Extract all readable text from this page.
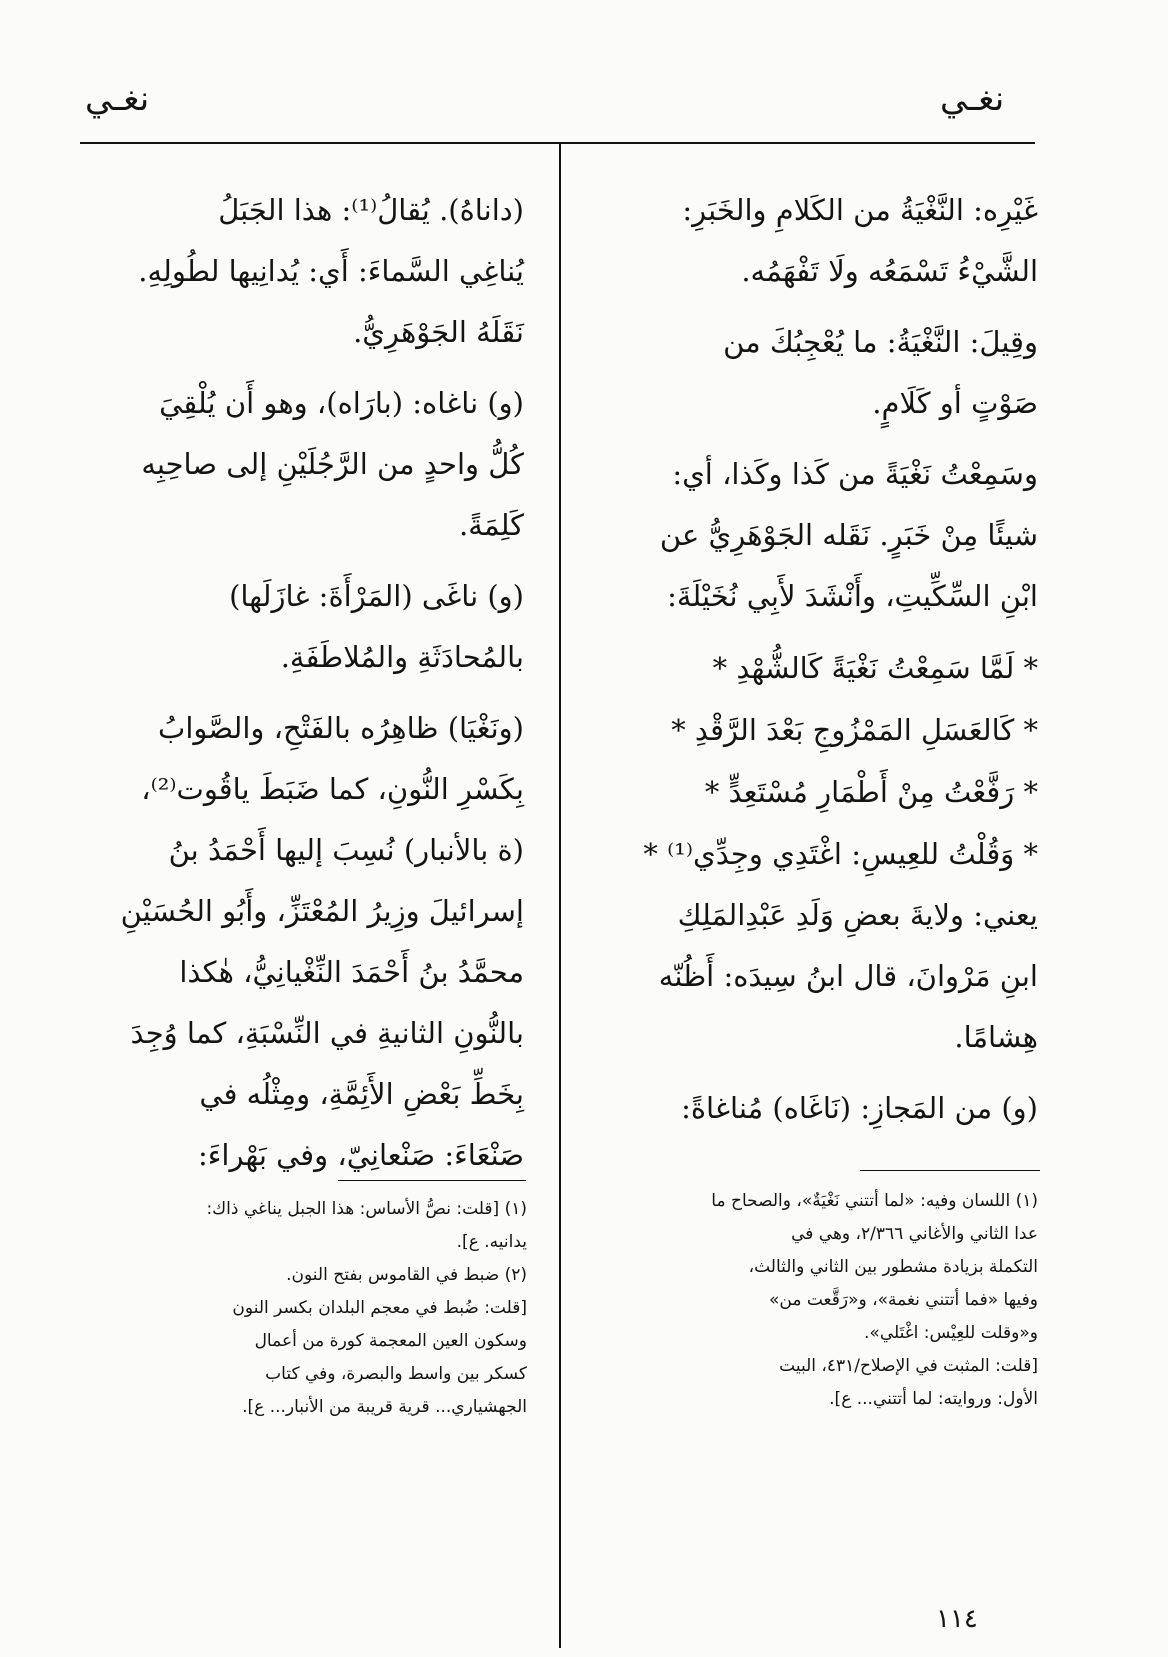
نغـي
نغـي

غَيْرِه: النَّغْيَةُ من الكَلامِ والخَبَرِ:
الشَّيْءُ تَسْمَعُه ولَا تَفْهَمُه.

وقِيلَ: النَّغْيَةُ: ما يُعْجِبُكَ من
صَوْتٍ أو كَلَامٍ.

وسَمِعْتُ نَغْيَةً من كَذا وكَذا، أي:
شيئًا مِنْ خَبَرٍ. نَقَله الجَوْهَرِيُّ عن
ابْنِ السِّكِّيتِ، وأَنْشَدَ لأَبِي نُخَيْلَةَ:

* لَمَّا سَمِعْتُ نَغْيَةً كَالشُّهْدِ *

* كَالعَسَلِ المَمْزُوجِ بَعْدَ الرَّقْدِ *

* رَفَّعْتُ مِنْ أَطْمَارِ مُسْتَعِدٍّ *

* وَقُلْتُ للعِيسِ: اغْتَدِي وجِدِّي⁽¹⁾ *

يعني: ولايةَ بعضِ وَلَدِ عَبْدِالمَلِكِ
ابنِ مَرْوانَ، قال ابنُ سِيدَه: أَظُنّه
هِشامًا.

(و) من المَجازِ: (نَاغَاه) مُناغاةً:

(داناهُ). يُقالُ⁽¹⁾: هذا الجَبَلُ
يُناغِي السَّماءَ: أَي: يُدانِيها لطُولِهِ.
نَقَلَهُ الجَوْهَرِيُّ.

(و) ناغاه: (بارَاه)، وهو أَن يُلْقِيَ
كُلُّ واحدٍ من الرَّجُلَيْنِ إلى صاحِبِه
كَلِمَةً.

(و) ناغَى (المَرْأَةَ: غازَلَها)
بالمُحادَثَةِ والمُلاطَفَةِ.

(ونَغْيَا) ظاهِرُه بالفَتْحِ، والصَّوابُ
بِكَسْرِ النُّونِ، كما ضَبَطَ ياقُوت⁽²⁾،
(ة بالأنبار) نُسِبَ إليها أَحْمَدُ بنُ
إسرائيلَ وزِيرُ المُعْتَزِّ، وأَبُو الحُسَيْنِ
محمَّدُ بنُ أَحْمَدَ النِّغْيانِيُّ، هٰكذا
بالنُّونِ الثانيةِ في النِّسْبَةِ، كما وُجِدَ
بِخَطِّ بَعْضِ الأَئِمَّةِ، ومِثْلُه في
صَنْعَاءَ: صَنْعانِيّ، وفي بَهْراءَ:

(١) اللسان وفيه: «لما أتتني نَغْيَةٌ»، والصحاح ما
عدا الثاني والأغاني ٢/٣٦٦، وهي في
التكملة بزيادة مشطور بين الثاني والثالث،
وفيها «فما أتتني نغمة»، و«رَقَّعت من»
و«وقلت للعِيْس: اغْتَلي».

[قلت: المثبت في الإصلاح/٤٣١، البيت
الأول: وروايته: لما أتتني... ع].

(١) [قلت: نصُّ الأساس: هذا الجبل يناغي ذاك:
يدانيه. ع].

(٢) ضبط في القاموس بفتح النون.

[قلت: ضُبط في معجم البلدان بكسر النون
وسكون العين المعجمة كورة من أعمال
كسكر بين واسط والبصرة، وفي كتاب
الجهشياري... قرية قريبة من الأنبار... ع].

١١٤
